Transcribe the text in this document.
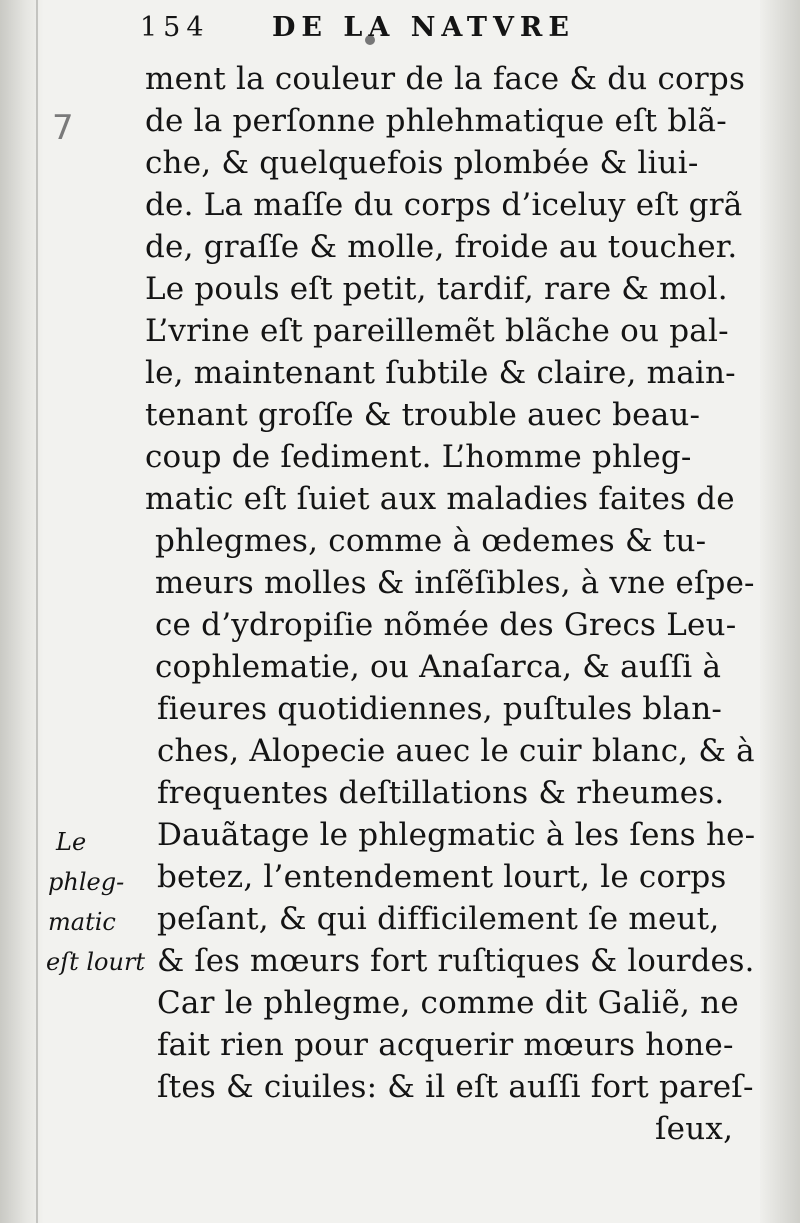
154 DE LA NATVRE
7
ment la couleur de la face & du corps
de la perſonne phlehmatique eſt blã-
che, & quelquefois plombée & liui-
de. La maſſe du corps d’iceluy eſt grã
de, graſſe & molle, froide au toucher.
Le pouls eſt petit, tardif, rare & mol.
L’vrine eſt pareillemẽt blãche ou pal-
le, maintenant ſubtile & claire, main-
tenant groſſe & trouble auec beau-
coup de ſediment. L’homme phleg-
matic eſt ſuiet aux maladies faites de
phlegmes, comme à œdemes & tu-
meurs molles & inſẽſibles, à vne eſpe-
ce d’ydropiſie nõmée des Grecs Leu-
cophlematie, ou Anaſarca, & auſſi à
fieures quotidiennes, puſtules blan-
ches, Alopecie auec le cuir blanc, & à
frequentes deſtillations & rheumes.
Dauãtage le phlegmatic à les ſens he-
betez, l’entendement lourt, le corps
peſant, & qui difficilement ſe meut,
& ſes mœurs fort ruſtiques & lourdes.
Car le phlegme, comme dit Galiẽ, ne
fait rien pour acquerir mœurs hone-
ſtes & ciuiles: & il eſt auſſi fort pareſ-
ſeux,
Le
phleg-
matic
eſt lourt
